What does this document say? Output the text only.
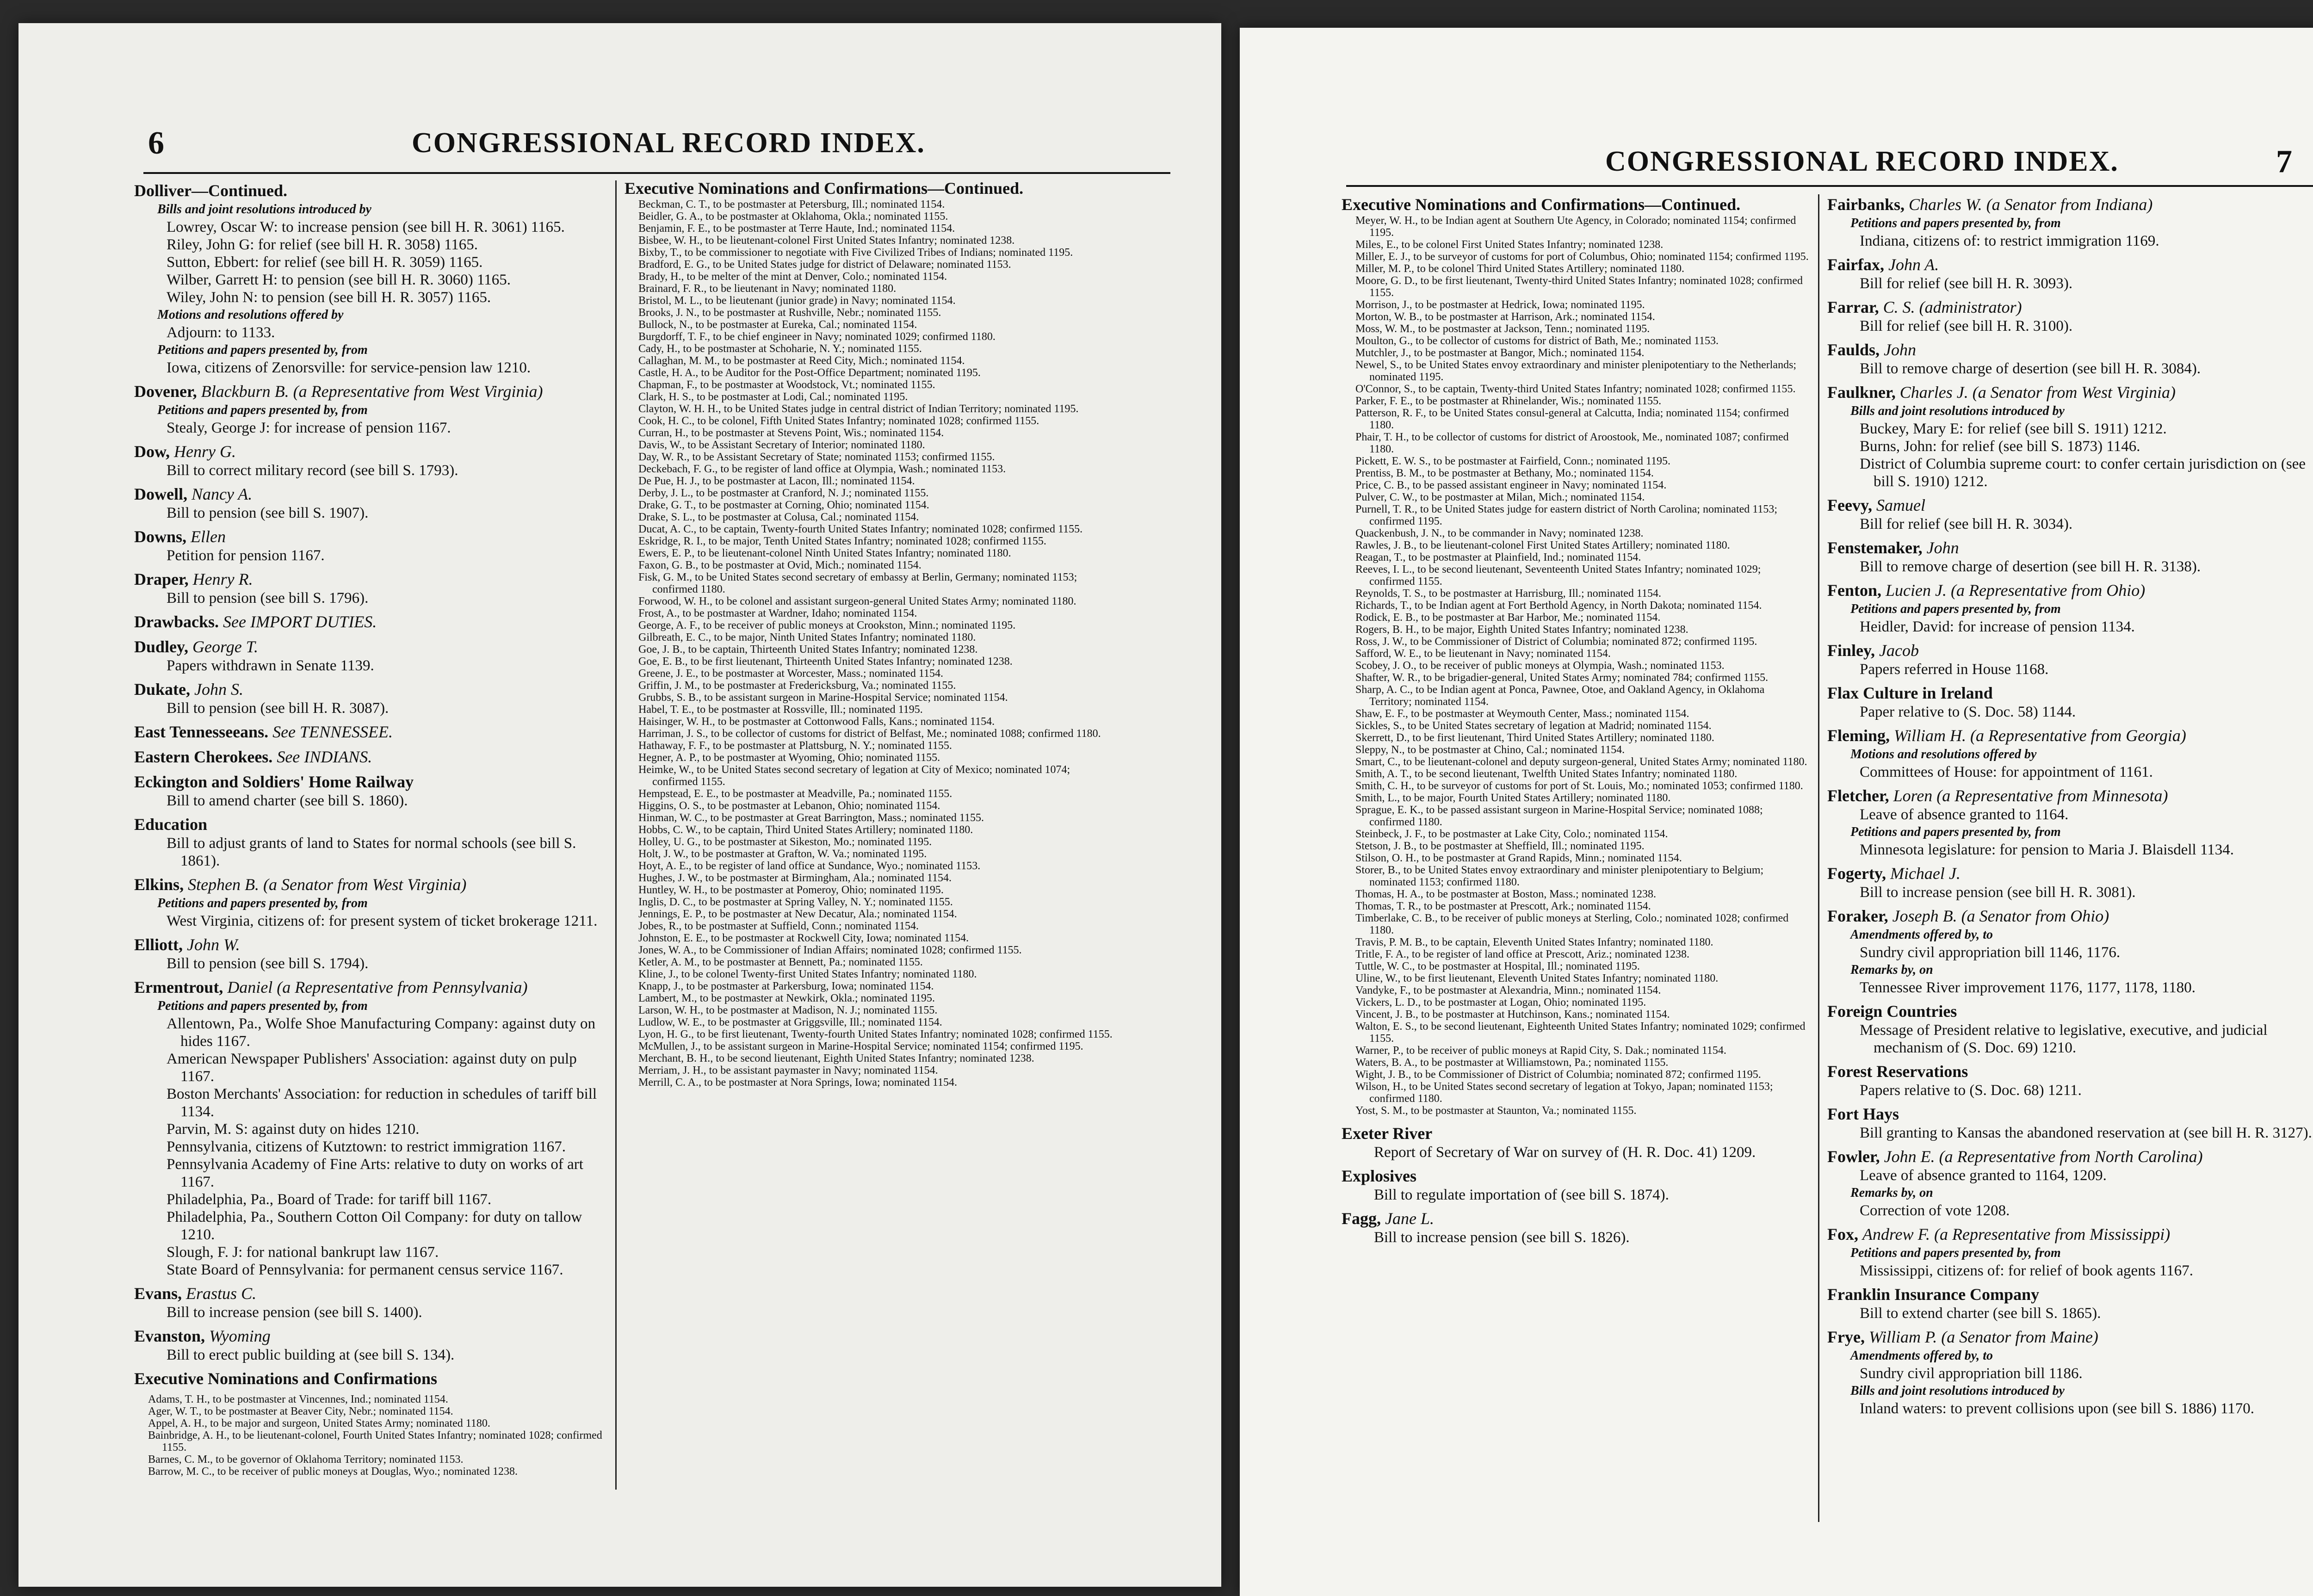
6	CONGRESSIONAL RECORD INDEX.
Dolliver—Continued.
Bills and joint resolutions introduced by
Lowrey, Oscar W: to increase pension (see bill H. R. 3061) 1165.
Riley, John G: for relief (see bill H. R. 3058) 1165.
Sutton, Ebbert: for relief (see bill H. R. 3059) 1165.
Wilber, Garrett H: to pension (see bill H. R. 3060) 1165.
Wiley, John N: to pension (see bill H. R. 3057) 1165.
Motions and resolutions offered by
Adjourn: to 1133.
Petitions and papers presented by, from
Iowa, citizens of Zenorsville: for service-pension law 1210.
Dovener, Blackburn B. (a Representative from West Virginia)
Petitions and papers presented by, from
Stealy, George J: for increase of pension 1167.
Dow, Henry G.
Bill to correct military record (see bill S. 1793).
Dowell, Nancy A.
Bill to pension (see bill S. 1907).
Downs, Ellen
Petition for pension 1167.
Draper, Henry R.
Bill to pension (see bill S. 1796).
Drawbacks. See IMPORT DUTIES.
Dudley, George T.
Papers withdrawn in Senate 1139.
Dukate, John S.
Bill to pension (see bill H. R. 3087).
East Tennesseeans. See TENNESSEE.
Eastern Cherokees. See INDIANS.
Eckington and Soldiers' Home Railway
Bill to amend charter (see bill S. 1860).
Education
Bill to adjust grants of land to States for normal schools (see bill S. 1861).
Elkins, Stephen B. (a Senator from West Virginia)
Petitions and papers presented by, from
West Virginia, citizens of: for present system of ticket brokerage 1211.
Elliott, John W.
Bill to pension (see bill S. 1794).
Ermentrout, Daniel (a Representative from Pennsylvania)
Petitions and papers presented by, from
Allentown, Pa., Wolfe Shoe Manufacturing Company: against duty on hides 1167.
American Newspaper Publishers' Association: against duty on pulp 1167.
Boston Merchants' Association: for reduction in schedules of tariff bill 1134.
Parvin, M. S: against duty on hides 1210.
Pennsylvania, citizens of Kutztown: to restrict immigration 1167.
Pennsylvania Academy of Fine Arts: relative to duty on works of art 1167.
Philadelphia, Pa., Board of Trade: for tariff bill 1167.
Philadelphia, Pa., Southern Cotton Oil Company: for duty on tallow 1210.
Slough, F. J: for national bankrupt law 1167.
State Board of Pennsylvania: for permanent census service 1167.
Evans, Erastus C.
Bill to increase pension (see bill S. 1400).
Evanston, Wyoming
Bill to erect public building at (see bill S. 134).
Executive Nominations and Confirmations

Adams, T. H., to be postmaster at Vincennes, Ind.; nominated 1154.

Ager, W. T., to be postmaster at Beaver City, Nebr.; nominated 1154.

Appel, A. H., to be major and surgeon, United States Army; nominated 1180.

Bainbridge, A. H., to be lieutenant-colonel, Fourth United States Infantry; nominated 1028; confirmed 1155.

Barnes, C. M., to be governor of Oklahoma Territory; nominated 1153.

Barrow, M. C., to be receiver of public moneys at Douglas, Wyo.; nominated 1238.

Executive Nominations and Confirmations—Continued.

Beckman, C. T., to be postmaster at Petersburg, Ill.; nominated 1154.

Beidler, G. A., to be postmaster at Oklahoma, Okla.; nominated 1155.

Benjamin, F. E., to be postmaster at Terre Haute, Ind.; nominated 1154.

Bisbee, W. H., to be lieutenant-colonel First United States Infantry; nominated 1238.

Bixby, T., to be commissioner to negotiate with Five Civilized Tribes of Indians; nominated 1195.

Bradford, E. G., to be United States judge for district of Delaware; nominated 1153.

Brady, H., to be melter of the mint at Denver, Colo.; nominated 1154.

Brainard, F. R., to be lieutenant in Navy; nominated 1180.

Bristol, M. L., to be lieutenant (junior grade) in Navy; nominated 1154.

Brooks, J. N., to be postmaster at Rushville, Nebr.; nominated 1155.

Bullock, N., to be postmaster at Eureka, Cal.; nominated 1154.

Burgdorff, T. F., to be chief engineer in Navy; nominated 1029; confirmed 1180.

Cady, H., to be postmaster at Schoharie, N. Y.; nominated 1155.

Callaghan, M. M., to be postmaster at Reed City, Mich.; nominated 1154.

Castle, H. A., to be Auditor for the Post-Office Department; nominated 1195.

Chapman, F., to be postmaster at Woodstock, Vt.; nominated 1155.

Clark, H. S., to be postmaster at Lodi, Cal.; nominated 1195.

Clayton, W. H. H., to be United States judge in central district of Indian Territory; nominated 1195.

Cook, H. C., to be colonel, Fifth United States Infantry; nominated 1028; confirmed 1155.

Curran, H., to be postmaster at Stevens Point, Wis.; nominated 1154.

Davis, W., to be Assistant Secretary of Interior; nominated 1180.

Day, W. R., to be Assistant Secretary of State; nominated 1153; confirmed 1155.

Deckebach, F. G., to be register of land office at Olympia, Wash.; nominated 1153.

De Pue, H. J., to be postmaster at Lacon, Ill.; nominated 1154.

Derby, J. L., to be postmaster at Cranford, N. J.; nominated 1155.

Drake, G. T., to be postmaster at Corning, Ohio; nominated 1154.

Drake, S. L., to be postmaster at Colusa, Cal.; nominated 1154.

Ducat, A. C., to be captain, Twenty-fourth United States Infantry; nominated 1028; confirmed 1155.

Eskridge, R. I., to be major, Tenth United States Infantry; nominated 1028; confirmed 1155.

Ewers, E. P., to be lieutenant-colonel Ninth United States Infantry; nominated 1180.

Faxon, G. B., to be postmaster at Ovid, Mich.; nominated 1154.

Fisk, G. M., to be United States second secretary of embassy at Berlin, Germany; nominated 1153; confirmed 1180.

Forwood, W. H., to be colonel and assistant surgeon-general United States Army; nominated 1180.

Frost, A., to be postmaster at Wardner, Idaho; nominated 1154.

George, A. F., to be receiver of public moneys at Crookston, Minn.; nominated 1195.

Gilbreath, E. C., to be major, Ninth United States Infantry; nominated 1180.

Goe, J. B., to be captain, Thirteenth United States Infantry; nominated 1238.

Goe, E. B., to be first lieutenant, Thirteenth United States Infantry; nominated 1238.

Greene, J. E., to be postmaster at Worcester, Mass.; nominated 1154.

Griffin, J. M., to be postmaster at Fredericksburg, Va.; nominated 1155.

Grubbs, S. B., to be assistant surgeon in Marine-Hospital Service; nominated 1154.

Habel, T. E., to be postmaster at Rossville, Ill.; nominated 1195.

Haisinger, W. H., to be postmaster at Cottonwood Falls, Kans.; nominated 1154.

Harriman, J. S., to be collector of customs for district of Belfast, Me.; nominated 1088; confirmed 1180.

Hathaway, F. F., to be postmaster at Plattsburg, N. Y.; nominated 1155.

Hegner, A. P., to be postmaster at Wyoming, Ohio; nominated 1155.

Heimke, W., to be United States second secretary of legation at City of Mexico; nominated 1074; confirmed 1155.

Hempstead, E. E., to be postmaster at Meadville, Pa.; nominated 1155.

Higgins, O. S., to be postmaster at Lebanon, Ohio; nominated 1154.

Hinman, W. C., to be postmaster at Great Barrington, Mass.; nominated 1155.

Hobbs, C. W., to be captain, Third United States Artillery; nominated 1180.

Holley, U. G., to be postmaster at Sikeston, Mo.; nominated 1195.

Holt, J. W., to be postmaster at Grafton, W. Va.; nominated 1195.

Hoyt, A. E., to be register of land office at Sundance, Wyo.; nominated 1153.

Hughes, J. W., to be postmaster at Birmingham, Ala.; nominated 1154.

Huntley, W. H., to be postmaster at Pomeroy, Ohio; nominated 1195.

Inglis, D. C., to be postmaster at Spring Valley, N. Y.; nominated 1155.

Jennings, E. P., to be postmaster at New Decatur, Ala.; nominated 1154.

Jobes, R., to be postmaster at Suffield, Conn.; nominated 1154.

Johnston, E. E., to be postmaster at Rockwell City, Iowa; nominated 1154.

Jones, W. A., to be Commissioner of Indian Affairs; nominated 1028; confirmed 1155.

Ketler, A. M., to be postmaster at Bennett, Pa.; nominated 1155.

Kline, J., to be colonel Twenty-first United States Infantry; nominated 1180.

Knapp, J., to be postmaster at Parkersburg, Iowa; nominated 1154.

Lambert, M., to be postmaster at Newkirk, Okla.; nominated 1195.

Larson, W. H., to be postmaster at Madison, N. J.; nominated 1155.

Ludlow, W. E., to be postmaster at Griggsville, Ill.; nominated 1154.

Lyon, H. G., to be first lieutenant, Twenty-fourth United States Infantry; nominated 1028; confirmed 1155.

McMullen, J., to be assistant surgeon in Marine-Hospital Service; nominated 1154; confirmed 1195.

Merchant, B. H., to be second lieutenant, Eighth United States Infantry; nominated 1238.

Merriam, J. H., to be assistant paymaster in Navy; nominated 1154.

Merrill, C. A., to be postmaster at Nora Springs, Iowa; nominated 1154.

CONGRESSIONAL RECORD INDEX.	7
Executive Nominations and Confirmations—Continued.

Meyer, W. H., to be Indian agent at Southern Ute Agency, in Colorado; nominated 1154; confirmed 1195.

Miles, E., to be colonel First United States Infantry; nominated 1238.

Miller, E. J., to be surveyor of customs for port of Columbus, Ohio; nominated 1154; confirmed 1195.

Miller, M. P., to be colonel Third United States Artillery; nominated 1180.

Moore, G. D., to be first lieutenant, Twenty-third United States Infantry; nominated 1028; confirmed 1155.

Morrison, J., to be postmaster at Hedrick, Iowa; nominated 1195.

Morton, W. B., to be postmaster at Harrison, Ark.; nominated 1154.

Moss, W. M., to be postmaster at Jackson, Tenn.; nominated 1195.

Moulton, G., to be collector of customs for district of Bath, Me.; nominated 1153.

Mutchler, J., to be postmaster at Bangor, Mich.; nominated 1154.

Newel, S., to be United States envoy extraordinary and minister plenipotentiary to the Netherlands; nominated 1195.

O'Connor, S., to be captain, Twenty-third United States Infantry; nominated 1028; confirmed 1155.

Parker, F. E., to be postmaster at Rhinelander, Wis.; nominated 1155.

Patterson, R. F., to be United States consul-general at Calcutta, India; nominated 1154; confirmed 1180.

Phair, T. H., to be collector of customs for district of Aroostook, Me., nominated 1087; confirmed 1180.

Pickett, E. W. S., to be postmaster at Fairfield, Conn.; nominated 1195.

Prentiss, B. M., to be postmaster at Bethany, Mo.; nominated 1154.

Price, C. B., to be passed assistant engineer in Navy; nominated 1154.

Pulver, C. W., to be postmaster at Milan, Mich.; nominated 1154.

Purnell, T. R., to be United States judge for eastern district of North Carolina; nominated 1153; confirmed 1195.

Quackenbush, J. N., to be commander in Navy; nominated 1238.

Rawles, J. B., to be lieutenant-colonel First United States Artillery; nominated 1180.

Reagan, T., to be postmaster at Plainfield, Ind.; nominated 1154.

Reeves, I. L., to be second lieutenant, Seventeenth United States Infantry; nominated 1029; confirmed 1155.

Reynolds, T. S., to be postmaster at Harrisburg, Ill.; nominated 1154.

Richards, T., to be Indian agent at Fort Berthold Agency, in North Dakota; nominated 1154.

Rodick, E. B., to be postmaster at Bar Harbor, Me.; nominated 1154.

Rogers, B. H., to be major, Eighth United States Infantry; nominated 1238.

Ross, J. W., to be Commissioner of District of Columbia; nominated 872; confirmed 1195.

Safford, W. E., to be lieutenant in Navy; nominated 1154.

Scobey, J. O., to be receiver of public moneys at Olympia, Wash.; nominated 1153.

Shafter, W. R., to be brigadier-general, United States Army; nominated 784; confirmed 1155.

Sharp, A. C., to be Indian agent at Ponca, Pawnee, Otoe, and Oakland Agency, in Oklahoma Territory; nominated 1154.

Shaw, E. F., to be postmaster at Weymouth Center, Mass.; nominated 1154.

Sickles, S., to be United States secretary of legation at Madrid; nominated 1154.

Skerrett, D., to be first lieutenant, Third United States Artillery; nominated 1180.

Sleppy, N., to be postmaster at Chino, Cal.; nominated 1154.

Smart, C., to be lieutenant-colonel and deputy surgeon-general, United States Army; nominated 1180.

Smith, A. T., to be second lieutenant, Twelfth United States Infantry; nominated 1180.

Smith, C. H., to be surveyor of customs for port of St. Louis, Mo.; nominated 1053; confirmed 1180.

Smith, L., to be major, Fourth United States Artillery; nominated 1180.

Sprague, E. K., to be passed assistant surgeon in Marine-Hospital Service; nominated 1088; confirmed 1180.

Steinbeck, J. F., to be postmaster at Lake City, Colo.; nominated 1154.

Stetson, J. B., to be postmaster at Sheffield, Ill.; nominated 1195.

Stilson, O. H., to be postmaster at Grand Rapids, Minn.; nominated 1154.

Storer, B., to be United States envoy extraordinary and minister plenipotentiary to Belgium; nominated 1153; confirmed 1180.

Thomas, H. A., to be postmaster at Boston, Mass.; nominated 1238.

Thomas, T. R., to be postmaster at Prescott, Ark.; nominated 1154.

Timberlake, C. B., to be receiver of public moneys at Sterling, Colo.; nominated 1028; confirmed 1180.

Travis, P. M. B., to be captain, Eleventh United States Infantry; nominated 1180.

Tritle, F. A., to be register of land office at Prescott, Ariz.; nominated 1238.

Tuttle, W. C., to be postmaster at Hospital, Ill.; nominated 1195.

Uline, W., to be first lieutenant, Eleventh United States Infantry; nominated 1180.

Vandyke, F., to be postmaster at Alexandria, Minn.; nominated 1154.

Vickers, L. D., to be postmaster at Logan, Ohio; nominated 1195.

Vincent, J. B., to be postmaster at Hutchinson, Kans.; nominated 1154.

Walton, E. S., to be second lieutenant, Eighteenth United States Infantry; nominated 1029; confirmed 1155.

Warner, P., to be receiver of public moneys at Rapid City, S. Dak.; nominated 1154.

Waters, B. A., to be postmaster at Williamstown, Pa.; nominated 1155.

Wight, J. B., to be Commissioner of District of Columbia; nominated 872; confirmed 1195.

Wilson, H., to be United States second secretary of legation at Tokyo, Japan; nominated 1153; confirmed 1180.

Yost, S. M., to be postmaster at Staunton, Va.; nominated 1155.

Exeter River
Report of Secretary of War on survey of (H. R. Doc. 41) 1209.
Explosives
Bill to regulate importation of (see bill S. 1874).
Fagg, Jane L.
Bill to increase pension (see bill S. 1826).
Fairbanks, Charles W. (a Senator from Indiana)
Petitions and papers presented by, from
Indiana, citizens of: to restrict immigration 1169.
Fairfax, John A.
Bill for relief (see bill H. R. 3093).
Farrar, C. S. (administrator)
Bill for relief (see bill H. R. 3100).
Faulds, John
Bill to remove charge of desertion (see bill H. R. 3084).
Faulkner, Charles J. (a Senator from West Virginia)
Bills and joint resolutions introduced by
Buckey, Mary E: for relief (see bill S. 1911) 1212.
Burns, John: for relief (see bill S. 1873) 1146.
District of Columbia supreme court: to confer certain jurisdiction on (see bill S. 1910) 1212.
Feevy, Samuel
Bill for relief (see bill H. R. 3034).
Fenstemaker, John
Bill to remove charge of desertion (see bill H. R. 3138).
Fenton, Lucien J. (a Representative from Ohio)
Petitions and papers presented by, from
Heidler, David: for increase of pension 1134.
Finley, Jacob
Papers referred in House 1168.
Flax Culture in Ireland
Paper relative to (S. Doc. 58) 1144.
Fleming, William H. (a Representative from Georgia)
Motions and resolutions offered by
Committees of House: for appointment of 1161.
Fletcher, Loren (a Representative from Minnesota)
Leave of absence granted to 1164.
Petitions and papers presented by, from
Minnesota legislature: for pension to Maria J. Blaisdell 1134.
Fogerty, Michael J.
Bill to increase pension (see bill H. R. 3081).
Foraker, Joseph B. (a Senator from Ohio)
Amendments offered by, to
Sundry civil appropriation bill 1146, 1176.
Remarks by, on
Tennessee River improvement 1176, 1177, 1178, 1180.
Foreign Countries
Message of President relative to legislative, executive, and judicial mechanism of (S. Doc. 69) 1210.
Forest Reservations
Papers relative to (S. Doc. 68) 1211.
Fort Hays
Bill granting to Kansas the abandoned reservation at (see bill H. R. 3127).
Fowler, John E. (a Representative from North Carolina)
Leave of absence granted to 1164, 1209.
Remarks by, on
Correction of vote 1208.
Fox, Andrew F. (a Representative from Mississippi)
Petitions and papers presented by, from
Mississippi, citizens of: for relief of book agents 1167.
Franklin Insurance Company
Bill to extend charter (see bill S. 1865).
Frye, William P. (a Senator from Maine)
Amendments offered by, to
Sundry civil appropriation bill 1186.
Bills and joint resolutions introduced by
Inland waters: to prevent collisions upon (see bill S. 1886) 1170.
